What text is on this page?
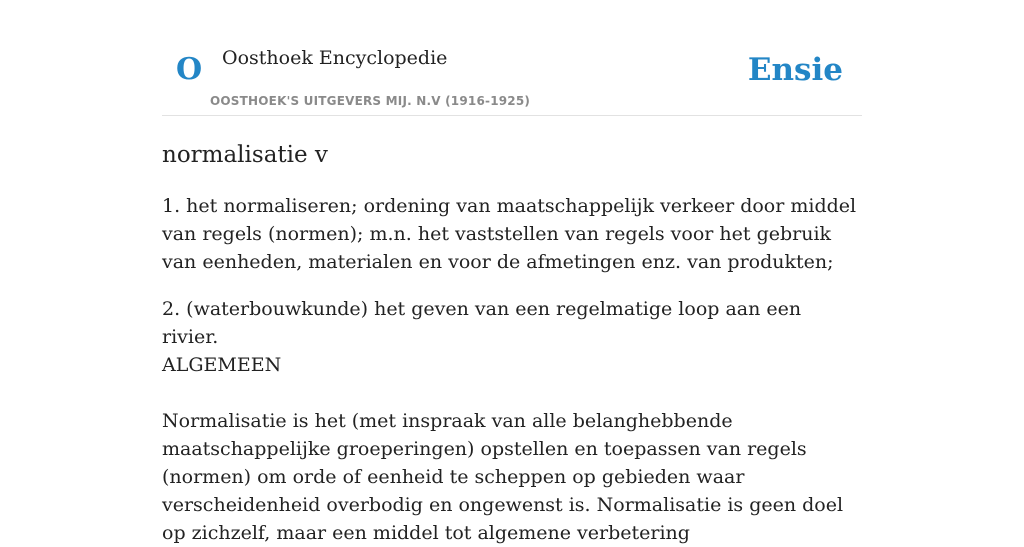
O Oosthoek Encyclopedie
OOSTHOEK'S UITGEVERS MIJ. N.V (1916-1925)
Ensie
normalisatie v

1. het normaliseren; ordening van maatschappelijk verkeer door middel van regels (normen); m.n. het vaststellen van regels voor het gebruik van eenheden, materialen en voor de afmetingen enz. van produkten;

2. (waterbouwkunde) het geven van een regelmatige loop aan een rivier.

ALGEMEEN

Normalisatie is het (met inspraak van alle belanghebbende maatschappelijke groeperingen) opstellen en toepassen van regels (normen) om orde of eenheid te scheppen op gebieden waar verscheidenheid overbodig en ongewenst is. Normalisatie is geen doel op zichzelf, maar een middel tot algemene verbetering
